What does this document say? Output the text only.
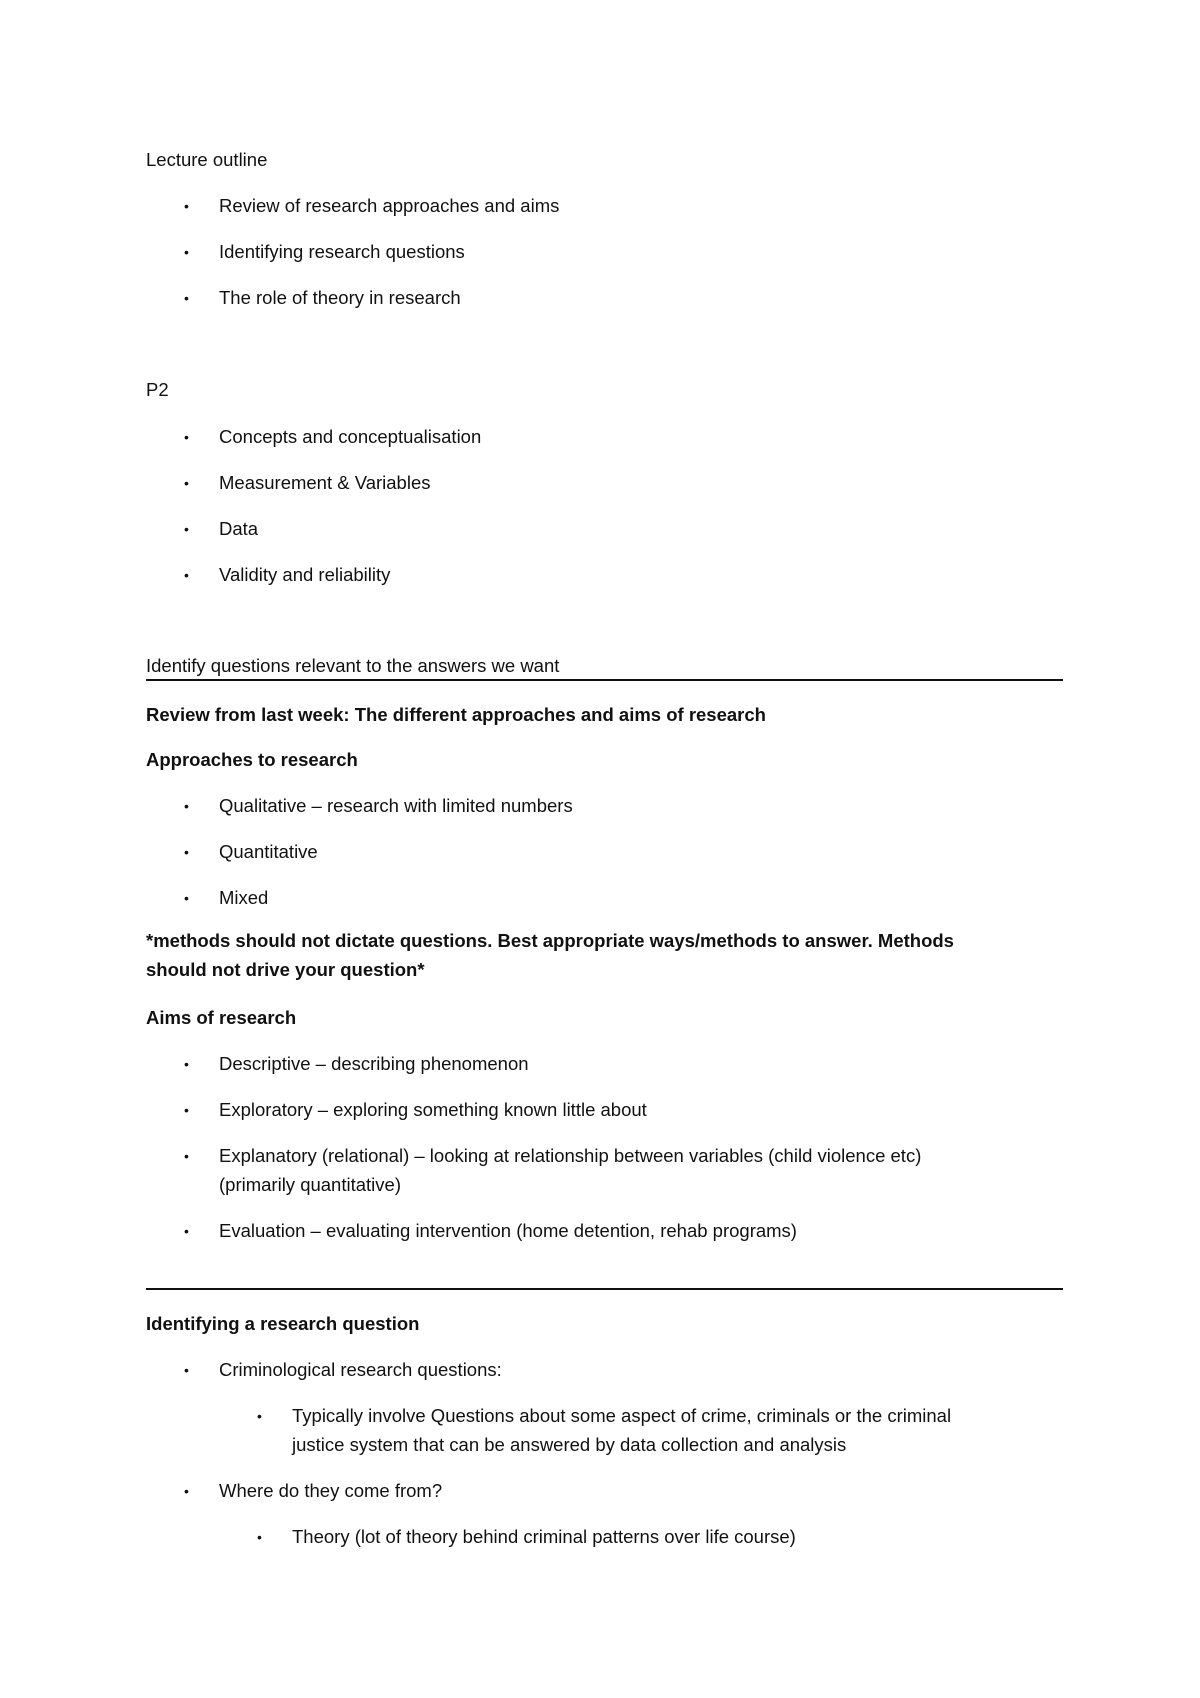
Lecture outline
• Review of research approaches and aims
• Identifying research questions
• The role of theory in research
P2
• Concepts and conceptualisation
• Measurement & Variables
• Data
• Validity and reliability
Identify questions relevant to the answers we want
Review from last week: The different approaches and aims of research
Approaches to research
• Qualitative – research with limited numbers
• Quantitative
• Mixed
*methods should not dictate questions. Best appropriate ways/methods to answer. Methods
should not drive your question*
Aims of research
• Descriptive – describing phenomenon
• Exploratory – exploring something known little about
• Explanatory (relational) – looking at relationship between variables (child violence etc)
(primarily quantitative)
• Evaluation – evaluating intervention (home detention, rehab programs)
Identifying a research question
• Criminological research questions:
• Typically involve Questions about some aspect of crime, criminals or the criminal
justice system that can be answered by data collection and analysis
• Where do they come from?
• Theory (lot of theory behind criminal patterns over life course)
